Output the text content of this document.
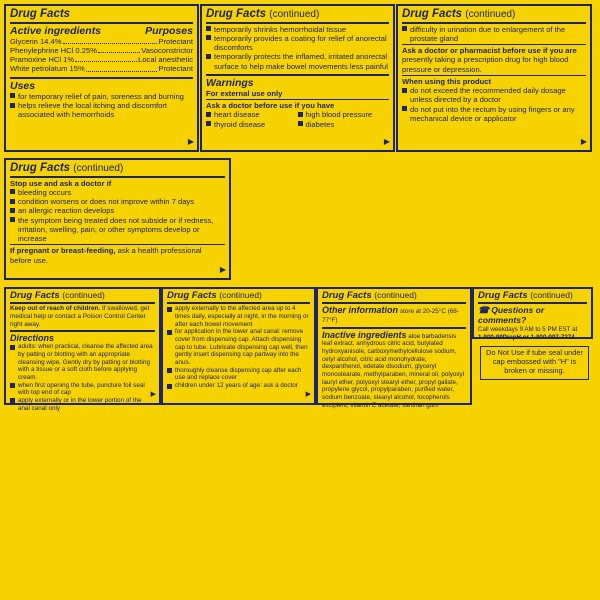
Drug Facts
Active ingredients	Purposes
Glycerin 14.4%	Protectant
Phenylephrine HCl 0.25%	Vasoconstrictor
Pramoxine HCl 1%	Local anesthetic
White petrolatum 15%	Protectant
Uses
for temporary relief of pain, soreness and burning
helps relieve the local itching and discomfort associated with hemorrhoids
▶
Drug Facts (continued)
temporarily shrinks hemorrhoidal tissue
temporarily provides a coating for relief of anorectal discomforts
temporarily protects the inflamed, irritated anorectal surface to help make bowel movements less painful
Warnings
For external use only
Ask a doctor before use if you have
heart disease
thyroid disease
high blood pressure
diabetes
▶
Drug Facts (continued)
difficulty in urination due to enlargement of the prostate gland
Ask a doctor or pharmacist before use if you are presently taking a prescription drug for high blood pressure or depression.
When using this product
do not exceed the recommended daily dosage unless directed by a doctor
do not put into the rectum by using fingers or any mechanical device or applicator
▶
Drug Facts (continued)
Stop use and ask a doctor if
bleeding occurs
condition worsens or does not improve within 7 days
an allergic reaction develops
the symptom being treated does not subside or if redness, irritation, swelling, pain, or other symptoms develop or increase
If pregnant or breast-feeding, ask a health professional before use.
▶
Drug Facts (continued)
Keep out of reach of children. If swallowed, get medical help or contact a Poison Control Center right away.
Directions
adults: when practical, cleanse the affected area by patting or blotting with an appropriate cleansing wipe. Gently dry by patting or blotting with a tissue or a soft cloth before applying cream.
when first opening the tube, puncture foil seal with top end of cap
apply externally or in the lower portion of the anal canal only
▶
Drug Facts (continued)
apply externally to the affected area up to 4 times daily, especially at night, in the morning or after each bowel movement
for application in the lower anal canal: remove cover from dispensing cap. Attach dispensing cap to tube. Lubricate dispensing cap well, then gently insert dispensing cap partway into the anus.
thoroughly cleanse dispensing cap after each use and replace cover
children under 12 years of age: ask a doctor
▶
Drug Facts (continued)
Other information store at 20-25°C (68-77°F)
Inactive ingredients aloe barbadensis leaf extract, anhydrous citric acid, butylated hydroxyanisole, carboxymethylcellulose sodium, cetyl alcohol, citric acid monohydrate, dexpanthenol, edetate disodium, glyceryl monostearate, methylparaben, mineral oil, polyoxyl lauryl ether, polyoxyl stearyl ether, propyl gallate, propylene glycol, propylparaben, purified water, sodium benzoate, stearyl alcohol, tocopherols excipient, vitamin E acetate, xanthan gum
Drug Facts (continued)
☎ Questions or comments?
Call weekdays 9 AM to 5 PM EST at
1-800-99PrepH or 1-800-997-7374
Do Not Use if tube seal under cap embossed with "H" is broken or missing.
